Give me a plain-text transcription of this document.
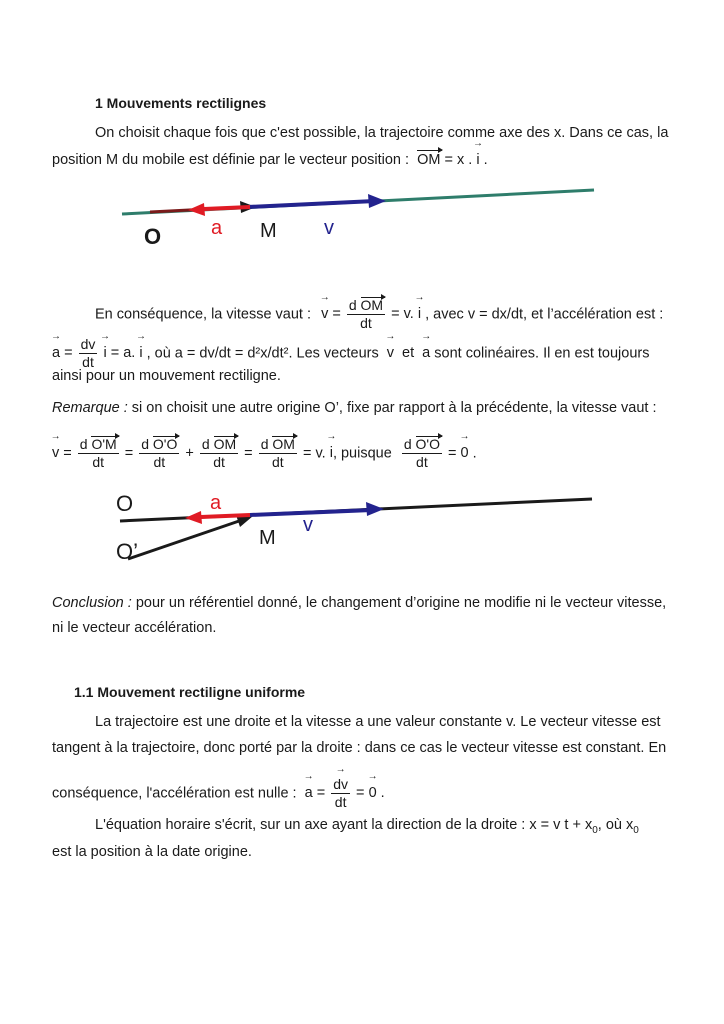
1 Mouvements rectilignes
On choisit chaque fois que c'est possible, la trajectoire comme axe des x. Dans ce cas, la
position M du mobile est définie par le vecteur position : OM = x . → i .
O a M v
En conséquence, la vitesse vaut : → $v = \frac{\text{d OM}}{dt} = v$. → i , avec v = dx/dt, et l’accélération est :
→ $a = \frac{dv}{dt}$
→ i = a. → i , où a = dv/dt = d²x/dt². Les vecteurs → v et → a sont colinéaires. Il en est toujours
ainsi pour un mouvement rectiligne.
Remarque : si on choisit une autre origine O’, fixe par rapport à la précédente, la vitesse vaut :
→ $v = \frac{\text{d O'M}}{dt} = \frac{\text{d O'O}}{dt} + \frac{\text{d OM}}{dt} = \frac{\text{d OM}}{dt} = v$. → i, puisque $\frac{\text{d O'O}}{dt}$ = → 0 .
O
O’
a
M
v
Conclusion : pour un référentiel donné, le changement d’origine ne modifie ni le vecteur vitesse,
ni le vecteur accélération.
1.1 Mouvement rectiligne uniforme
La trajectoire est une droite et la vitesse a une valeur constante v. Le vecteur vitesse est
tangent à la trajectoire, donc porté par la droite : dans ce cas le vecteur vitesse est constant. En
conséquence, l'accélération est nulle : → a =
→ $\frac{dv}{dt}$ = → 0 .
L'équation horaire s'écrit, sur un axe ayant la direction de la droite : x = v $t + x_0$, où $x_0$
est la position à la date origine.
